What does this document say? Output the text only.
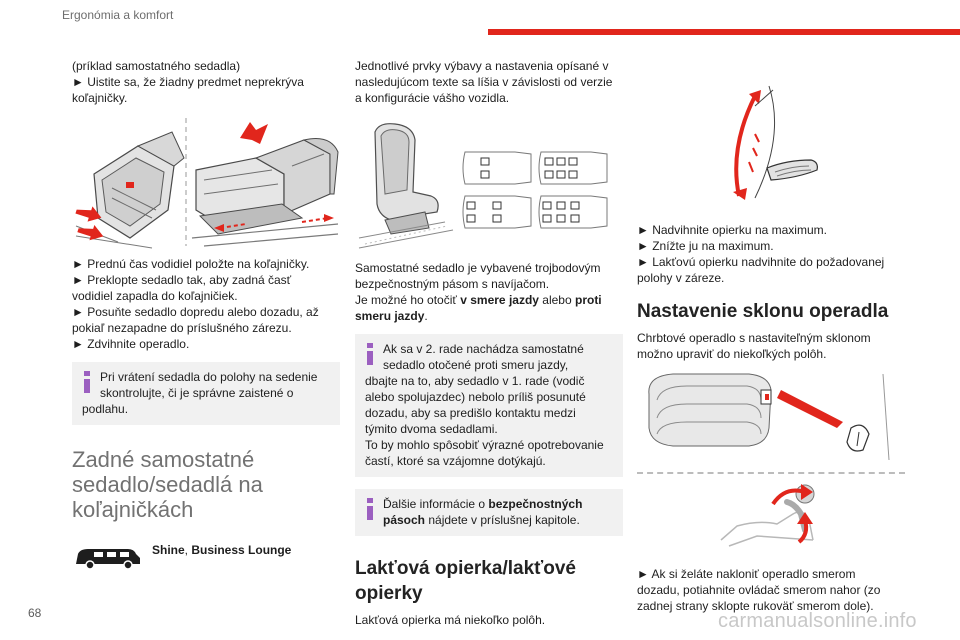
Ergonómia a komfort

(príklad samostatného sedadla)
► Uistite sa, že žiadny predmet neprekrýva
koľajničky.

► Prednú čas vodidiel položte na koľajničky.
► Preklopte sedadlo tak, aby zadná časť
vodidiel zapadla do koľajničiek.
► Posuňte sedadlo dopredu alebo dozadu, až
pokiaľ nezapadne do príslušného zárezu.
► Zdvihnite operadlo.

Pri vrátení sedadla do polohy na sedenie
skontrolujte, či je správne zaistené o
podlahu.
Zadné samostatné
sedadlo/sedadlá na
koľajničkách

Shine, Business Lounge

Jednotlivé prvky výbavy a nastavenia opísané v
nasledujúcom texte sa líšia v závislosti od verzie
a konfigurácie vášho vozidla.

Samostatné sedadlo je vybavené trojbodovým
bezpečnostným pásom s navíjačom.
Je možné ho otočiť v smere jazdy alebo proti
smeru jazdy.

Ak sa v 2. rade nachádza samostatné
sedadlo otočené proti smeru jazdy,
dbajte na to, aby sedadlo v 1. rade (vodič
alebo spolujazdec) nebolo príliš posunuté
dozadu, aby sa predišlo kontaktu medzi
týmito dvoma sedadlami.
To by mohlo spôsobiť výrazné opotrebovanie
častí, ktoré sa vzájomne dotýkajú.
Ďalšie informácie o bezpečnostných
pásoch nájdete v príslušnej kapitole.
Lakťová opierka/lakťové
opierky

Lakťová opierka má niekoľko polôh.

► Nadvihnite opierku na maximum.
► Znížte ju na maximum.
► Lakťovú opierku nadvihnite do požadovanej
polohy v záreze.

Nastavenie sklonu operadla

Chrbtové operadlo s nastaviteľným sklonom
možno upraviť do niekoľkých polôh.

► Ak si želáte nakloniť operadlo smerom
dozadu, potiahnite ovládač smerom nahor (zo
zadnej strany sklopte rukoväť smerom dole).

68	carmanualsonline.info
